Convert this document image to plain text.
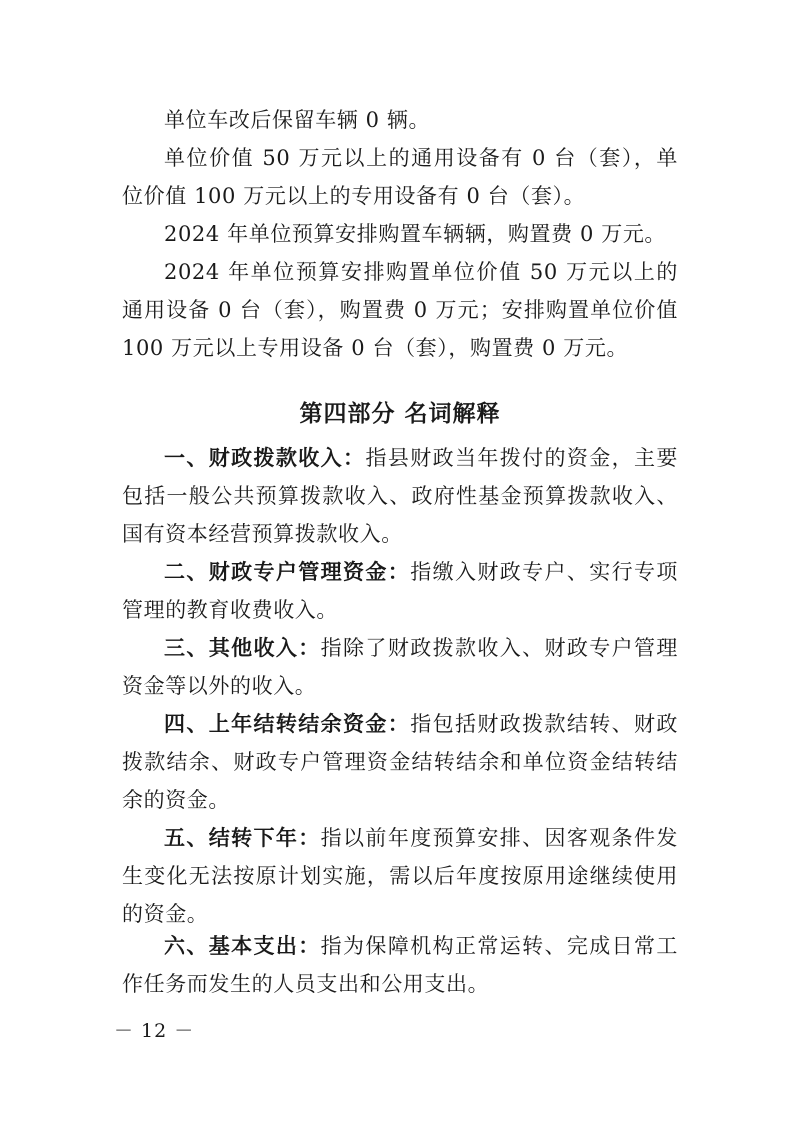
单位车改后保留车辆 0 辆。

单位价值 50 万元以上的通用设备有 0 台（套），单位价值 100 万元以上的专用设备有 0 台（套）。

2024 年单位预算安排购置车辆辆，购置费 0 万元。

2024 年单位预算安排购置单位价值 50 万元以上的通用设备 0 台（套），购置费 0 万元；安排购置单位价值 100 万元以上专用设备 0 台（套），购置费 0 万元。

第四部分 名词解释

一、财政拨款收入：指县财政当年拨付的资金，主要包括一般公共预算拨款收入、政府性基金预算拨款收入、国有资本经营预算拨款收入。

二、财政专户管理资金：指缴入财政专户、实行专项管理的教育收费收入。

三、其他收入：指除了财政拨款收入、财政专户管理资金等以外的收入。

四、上年结转结余资金：指包括财政拨款结转、财政拨款结余、财政专户管理资金结转结余和单位资金结转结余的资金。

五、结转下年：指以前年度预算安排、因客观条件发生变化无法按原计划实施，需以后年度按原用途继续使用的资金。

六、基本支出：指为保障机构正常运转、完成日常工作任务而发生的人员支出和公用支出。

－ 12 －
